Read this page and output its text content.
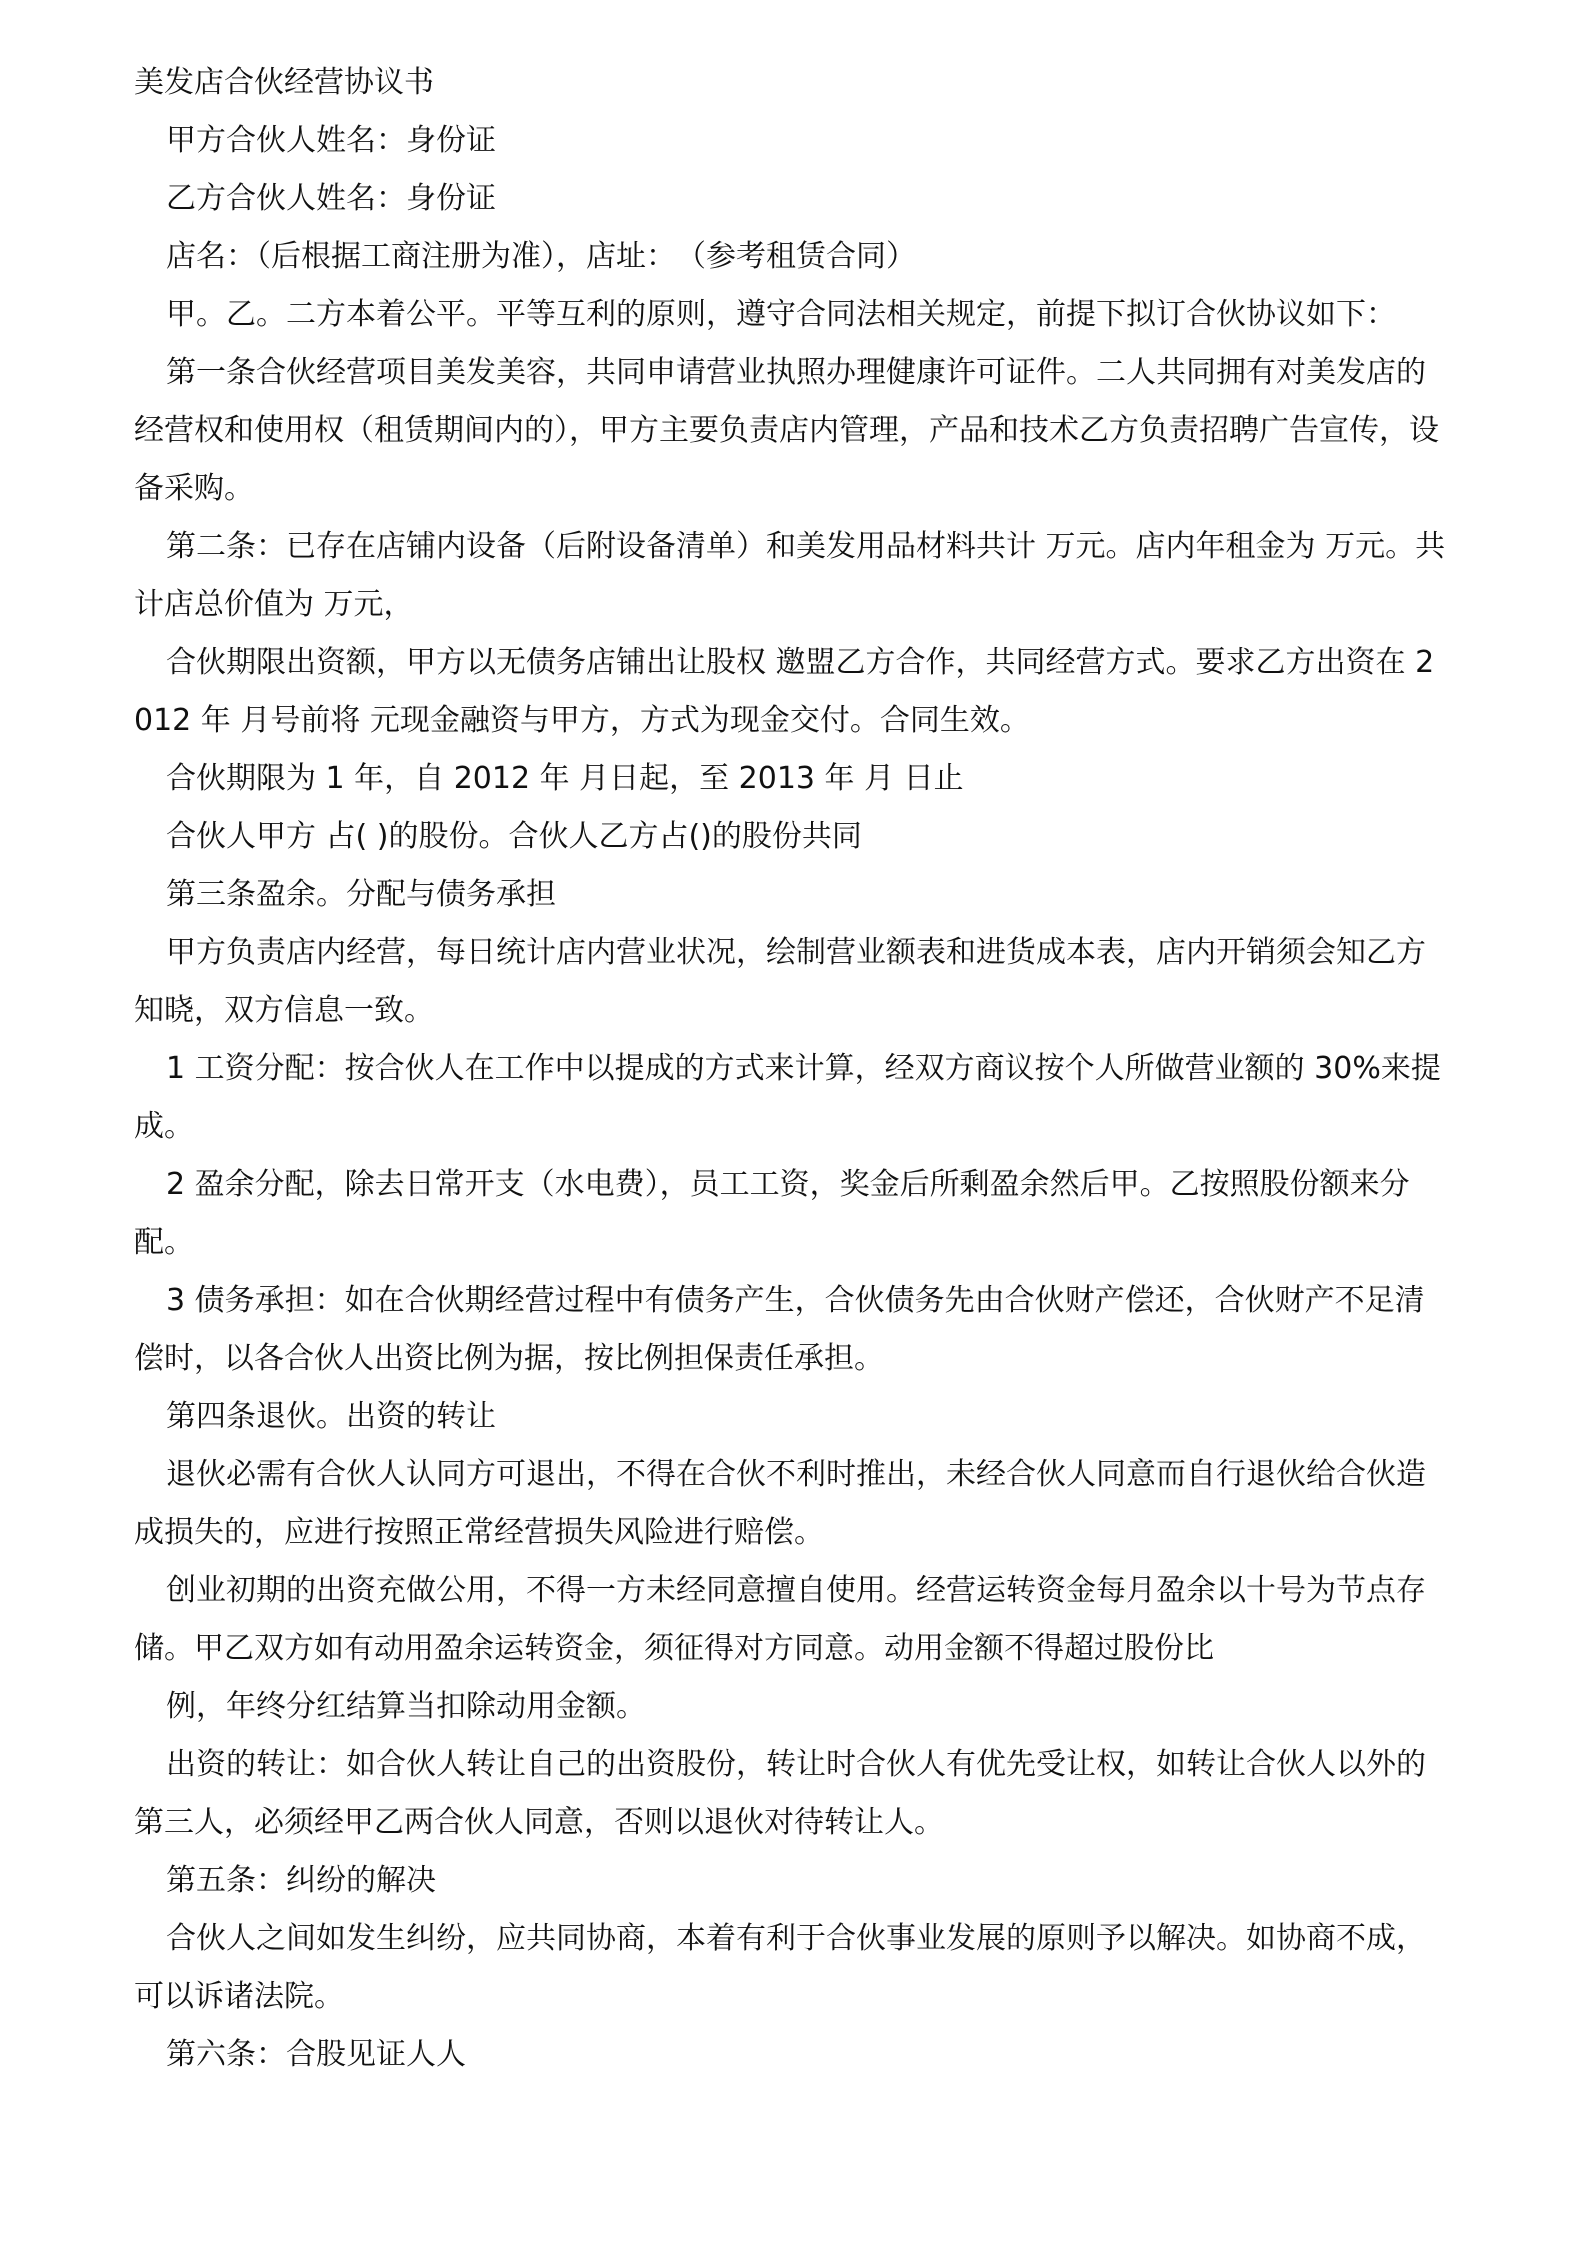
美发店合伙经营协议书

甲方合伙人姓名：身份证

乙方合伙人姓名：身份证

店名：（后根据工商注册为准），店址：　（参考租赁合同）

甲。乙。二方本着公平。平等互利的原则，遵守合同法相关规定，前提下拟订合伙协议如下：

第一条合伙经营项目美发美容，共同申请营业执照办理健康许可证件。二人共同拥有对美发店的经营权和使用权（租赁期间内的），甲方主要负责店内管理，产品和技术乙方负责招聘广告宣传，设备采购。

第二条：已存在店铺内设备（后附设备清单）和美发用品材料共计 万元。店内年租金为 万元。共计店总价值为 万元，

合伙期限出资额，甲方以无债务店铺出让股权 邀盟乙方合作，共同经营方式。要求乙方出资在 2012 年 月号前将 元现金融资与甲方，方式为现金交付。合同生效。

合伙期限为 1 年，自 2012 年 月日起，至 2013 年 月 日止

合伙人甲方 占( )的股份。合伙人乙方占()的股份共同

第三条盈余。分配与债务承担

甲方负责店内经营，每日统计店内营业状况，绘制营业额表和进货成本表，店内开销须会知乙方知晓，双方信息一致。

1 工资分配：按合伙人在工作中以提成的方式来计算，经双方商议按个人所做营业额的 30%来提成。

2 盈余分配，除去日常开支（水电费），员工工资，奖金后所剩盈余然后甲。乙按照股份额来分配。

3 债务承担：如在合伙期经营过程中有债务产生，合伙债务先由合伙财产偿还，合伙财产不足清偿时，以各合伙人出资比例为据，按比例担保责任承担。

第四条退伙。出资的转让

退伙必需有合伙人认同方可退出，不得在合伙不利时推出，未经合伙人同意而自行退伙给合伙造成损失的，应进行按照正常经营损失风险进行赔偿。

创业初期的出资充做公用，不得一方未经同意擅自使用。经营运转资金每月盈余以十号为节点存储。甲乙双方如有动用盈余运转资金，须征得对方同意。动用金额不得超过股份比

例，年终分红结算当扣除动用金额。

出资的转让：如合伙人转让自己的出资股份，转让时合伙人有优先受让权，如转让合伙人以外的第三人，必须经甲乙两合伙人同意，否则以退伙对待转让人。

第五条：纠纷的解决

合伙人之间如发生纠纷，应共同协商，本着有利于合伙事业发展的原则予以解决。如协商不成，可以诉诸法院。

第六条：合股见证人人
